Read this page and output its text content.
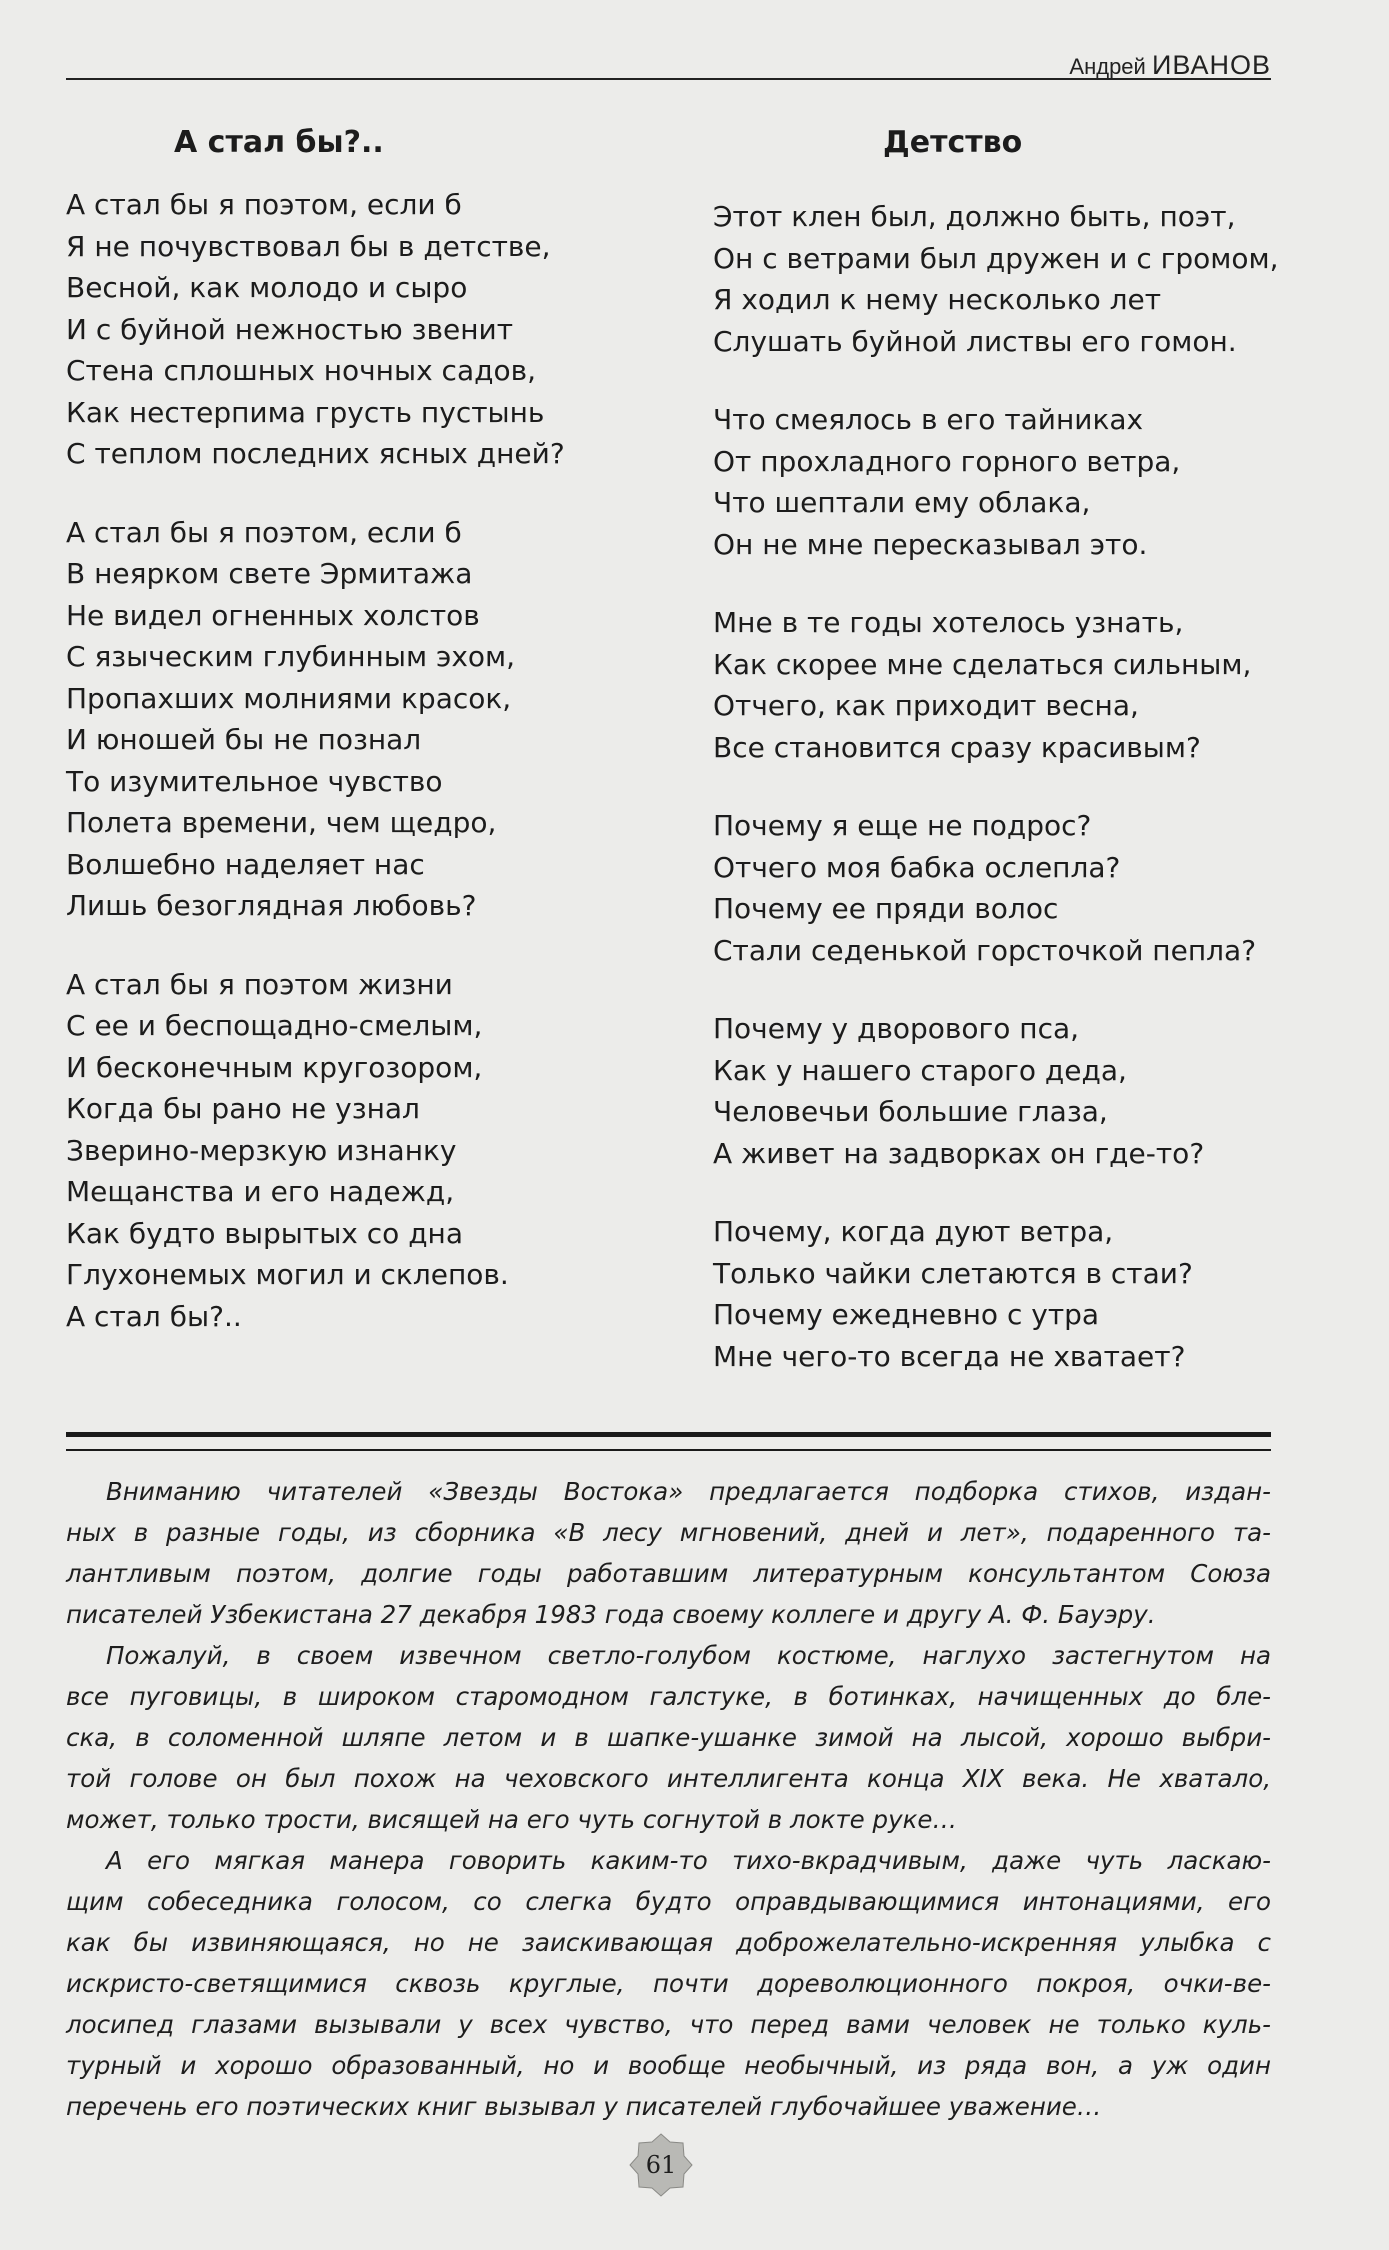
Андрей ИВАНОВ
А стал бы?..
А стал бы я поэтом, если б
Я не почувствовал бы в детстве,
Весной, как молодо и сыро
И с буйной нежностью звенит
Стена сплошных ночных садов,
Как нестерпима грусть пустынь
С теплом последних ясных дней?
А стал бы я поэтом, если б
В неярком свете Эрмитажа
Не видел огненных холстов
С языческим глубинным эхом,
Пропахших молниями красок,
И юношей бы не познал
То изумительное чувство
Полета времени, чем щедро,
Волшебно наделяет нас
Лишь безоглядная любовь?
А стал бы я поэтом жизни
С ее и беспощадно-смелым,
И бесконечным кругозором,
Когда бы рано не узнал
Зверино-мерзкую изнанку
Мещанства и его надежд,
Как будто вырытых со дна
Глухонемых могил и склепов.
А стал бы?..
Детство
Этот клен был, должно быть, поэт,
Он с ветрами был дружен и с громом,
Я ходил к нему несколько лет
Слушать буйной листвы его гомон.
Что смеялось в его тайниках
От прохладного горного ветра,
Что шептали ему облака,
Он не мне пересказывал это.
Мне в те годы хотелось узнать,
Как скорее мне сделаться сильным,
Отчего, как приходит весна,
Все становится сразу красивым?
Почему я еще не подрос?
Отчего моя бабка ослепла?
Почему ее пряди волос
Стали седенькой горсточкой пепла?
Почему у дворового пса,
Как у нашего старого деда,
Человечьи большие глаза,
А живет на задворках он где-то?
Почему, когда дуют ветра,
Только чайки слетаются в стаи?
Почему ежедневно с утра
Мне чего-то всегда не хватает?
Вниманию читателей «Звезды Востока» предлагается подборка стихов, издан-
ных в разные годы, из сборника «В лесу мгновений, дней и лет», подаренного та-
лантливым поэтом, долгие годы работавшим литературным консультантом Союза
писателей Узбекистана 27 декабря 1983 года своему коллеге и другу А. Ф. Бауэру.
Пожалуй, в своем извечном светло-голубом костюме, наглухо застегнутом на
все пуговицы, в широком старомодном галстуке, в ботинках, начищенных до бле-
ска, в соломенной шляпе летом и в шапке-ушанке зимой на лысой, хорошо выбри-
той голове он был похож на чеховского интеллигента конца XIX века. Не хватало,
может, только трости, висящей на его чуть согнутой в локте руке…
А его мягкая манера говорить каким-то тихо-вкрадчивым, даже чуть ласкаю-
щим собеседника голосом, со слегка будто оправдывающимися интонациями, его
как бы извиняющаяся, но не заискивающая доброжелательно-искренняя улыбка с
искристо-светящимися сквозь круглые, почти дореволюционного покроя, очки-ве-
лосипед глазами вызывали у всех чувство, что перед вами человек не только куль-
турный и хорошо образованный, но и вообще необычный, из ряда вон, а уж один
перечень его поэтических книг вызывал у писателей глубочайшее уважение…
61
